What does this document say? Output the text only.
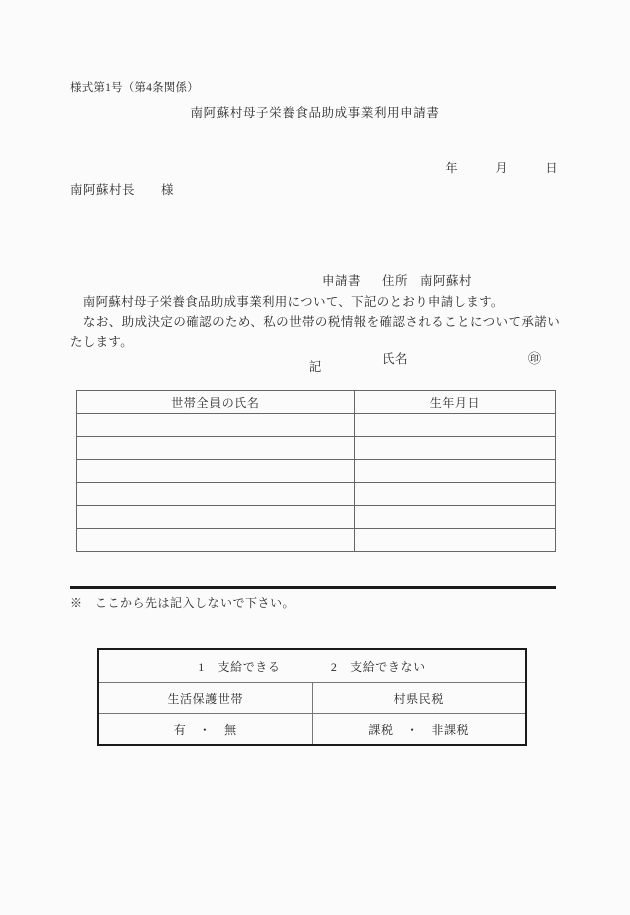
様式第1号（第4条関係）
南阿蘇村母子栄養食品助成事業利用申請書
年　　　月　　　日
南阿蘇村長　　様

申請書 住所 南阿蘇村

氏名	㊞

　南阿蘇村母子栄養食品助成事業利用について、下記のとおり申請します。
　なお、助成決定の確認のため、私の世帯の税情報を確認されることについて承諾いたします。
記
世帯全員の氏名	生年月日

※　ここから先は記入しないで下さい。
1　支給できる　　　　2　支給できない	
生活保護世帯	村県民税
有　・　無	課税　・　非課税
